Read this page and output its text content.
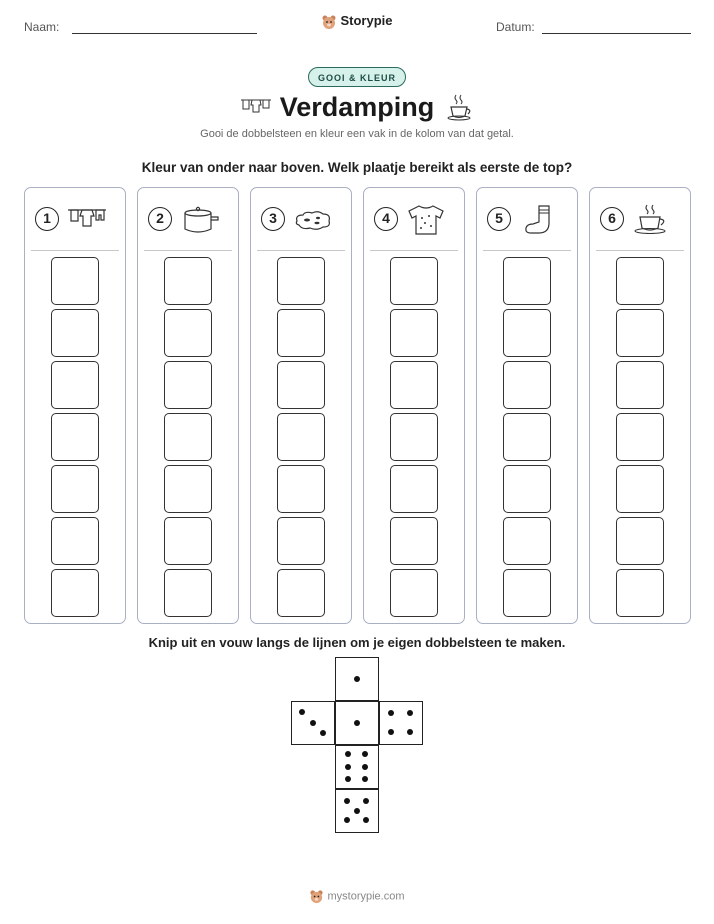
Naam:	Storypie	Datum:
GOOI & KLEUR
Verdamping
Gooi de dobbelsteen en kleur een vak in de kolom van dat getal.
Kleur van onder naar boven. Welk plaatje bereikt als eerste de top?
1	2	3	4	5	6
Knip uit en vouw langs de lijnen om je eigen dobbelsteen te maken.
mystorypie.com
